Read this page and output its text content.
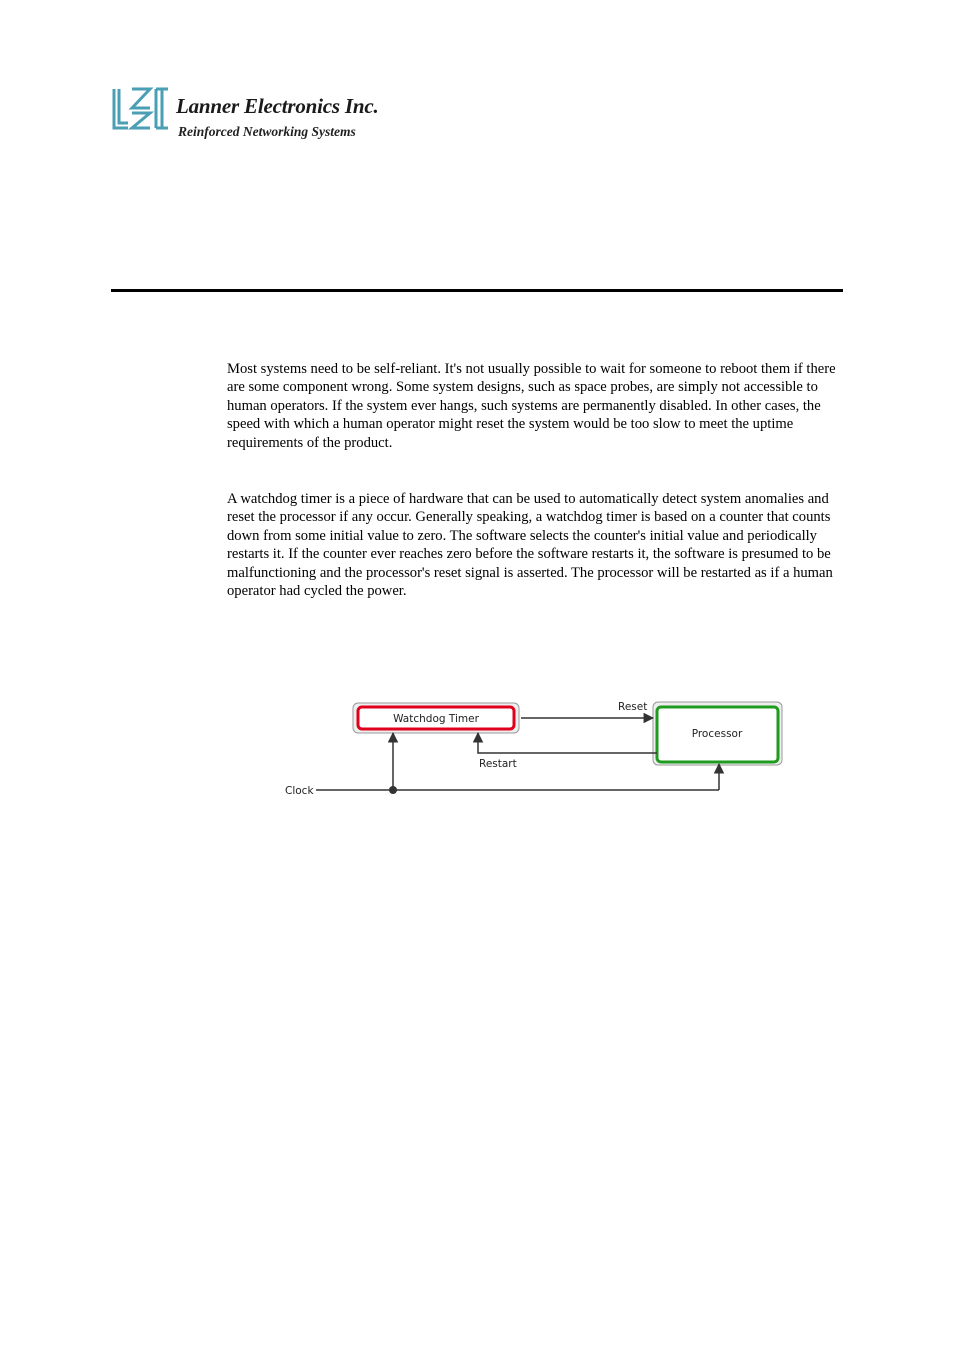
Lanner Electronics Inc.
Reinforced Networking Systems

Most systems need to be self-reliant. It's not usually possible to wait for someone to reboot them if there are some component wrong. Some system designs, such as space probes, are simply not accessible to human operators. If the system ever hangs, such systems are permanently disabled. In other cases, the speed with which a human operator might reset the system would be too slow to meet the uptime requirements of the product.

A watchdog timer is a piece of hardware that can be used to automatically detect system anomalies and reset the processor if any occur. Generally speaking, a watchdog timer is based on a counter that counts down from some initial value to zero. The software selects the counter's initial value and periodically restarts it. If the counter ever reaches zero before the software restarts it, the software is presumed to be malfunctioning and the processor's reset signal is asserted. The processor will be restarted as if a human operator had cycled the power.

Watchdog Timer
Processor
Reset
Restart
Clock
